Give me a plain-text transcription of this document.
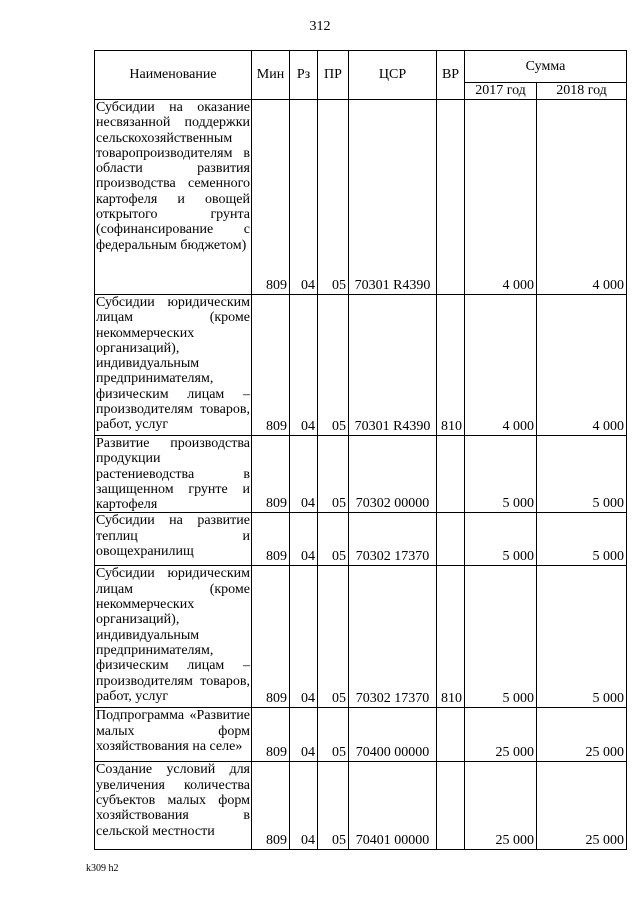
312
Наименование	Мин	Рз	ПР	ЦСР	ВР	Сумма	
						2017 год	2018 год
Субсидии на оказание несвязанной поддержки сельскохозяйственным товаропроизводителям в области развития производства семенного картофеля и овощей открытого грунта (софинансирование с федеральным бюджетом)	809	04	05	70301 R4390		4 000	4 000
Субсидии юридическим лицам (кроме некоммерческих организаций), индивидуальным предпринимателям, физическим лицам – производителям товаров, работ, услуг	809	04	05	70301 R4390	810	4 000	4 000
Развитие производства продукции растениеводства в защищенном грунте и картофеля	809	04	05	70302 00000		5 000	5 000
Субсидии на развитие теплиц и овощехранилищ	809	04	05	70302 17370		5 000	5 000
Субсидии юридическим лицам (кроме некоммерческих организаций), индивидуальным предпринимателям, физическим лицам – производителям товаров, работ, услуг	809	04	05	70302 17370	810	5 000	5 000
Подпрограмма «Развитие малых форм хозяйствования на селе»	809	04	05	70400 00000		25 000	25 000
Создание условий для увеличения количества субъектов малых форм хозяйствования в сельской местности	809	04	05	70401 00000		25 000	25 000
k309 h2
